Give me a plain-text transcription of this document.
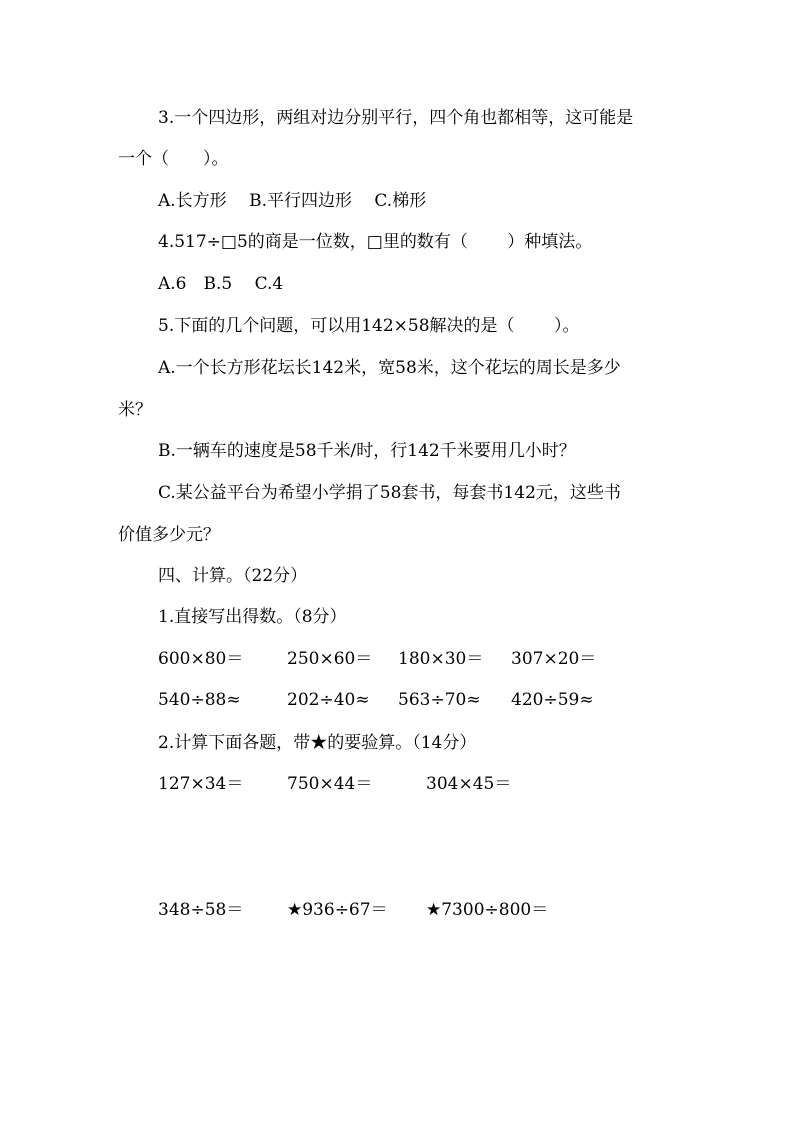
3.一个四边形，两组对边分别平行，四个角也都相等，这可能是
一个（　　）。
A.长方形　 B.平行四边形　 C.梯形
4.517÷□5的商是一位数，□里的数有（　　 ）种填法。
A.6　B.5　 C.4
5.下面的几个问题，可以用142×58解决的是（　　 ）。
A.一个长方形花坛长142米，宽58米，这个花坛的周长是多少
米？
B.一辆车的速度是58千米/时，行142千米要用几小时？
C.某公益平台为希望小学捐了58套书，每套书142元，这些书
价值多少元？
四、计算。（22分）
1.直接写出得数。（8分）
600×80＝	250×60＝ 180×30＝ 307×20＝
540÷88≈	202÷40≈ 563÷70≈ 420÷59≈
2.计算下面各题，带★的要验算。（14分）
127×34＝	750×44＝	304×45＝
348÷58＝	★936÷67＝ ★7300÷800＝
